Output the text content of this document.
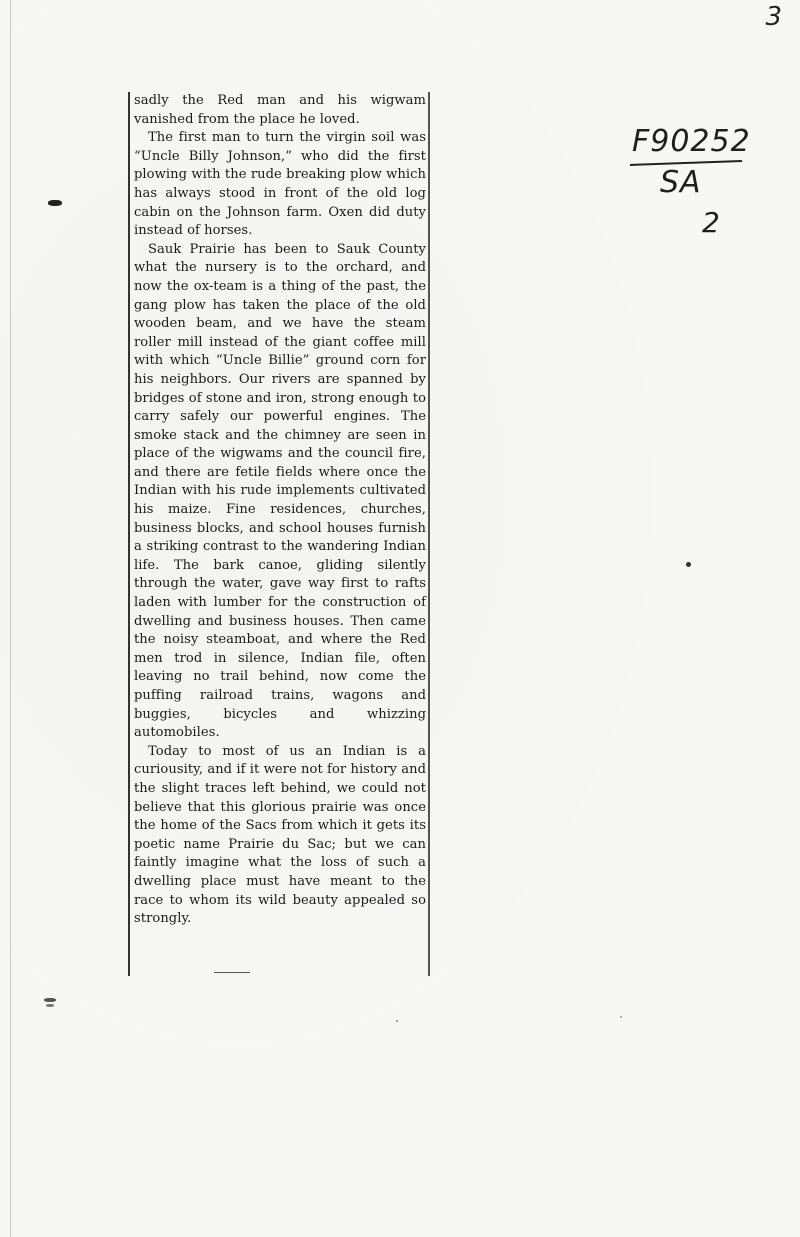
3
F90252
SA
2

sadly the Red man and his wigwam vanished from the place he loved.

The first man to turn the virgin soil was “Uncle Billy Johnson,” who did the first plowing with the rude breaking plow which has always stood in front of the old log cabin on the Johnson farm. Oxen did duty instead of horses.

Sauk Prairie has been to Sauk County what the nursery is to the orchard, and now the ox-team is a thing of the past, the gang plow has taken the place of the old wooden beam, and we have the steam roller mill instead of the giant coffee mill with which “Uncle Billie” ground corn for his neighbors. Our rivers are spanned by bridges of stone and iron, strong enough to carry safely our powerful engines. The smoke stack and the chimney are seen in place of the wigwams and the council fire, and there are fetile fields where once the Indian with his rude implements cultivated his maize. Fine residences, churches, business blocks, and school houses furnish a striking contrast to the wandering Indian life. The bark canoe, gliding silently through the water, gave way first to rafts laden with lumber for the construction of dwelling and business houses. Then came the noisy steamboat, and where the Red men trod in silence, Indian file, often leaving no trail behind, now come the puffing railroad trains, wagons and buggies, bicycles and whizzing automobiles.

Today to most of us an Indian is a curiousity, and if it were not for history and the slight traces left behind, we could not believe that this glorious prairie was once the home of the Sacs from which it gets its poetic name Prairie du Sac; but we can faintly imagine what the loss of such a dwelling place must have meant to the race to whom its wild beauty appealed so strongly.
